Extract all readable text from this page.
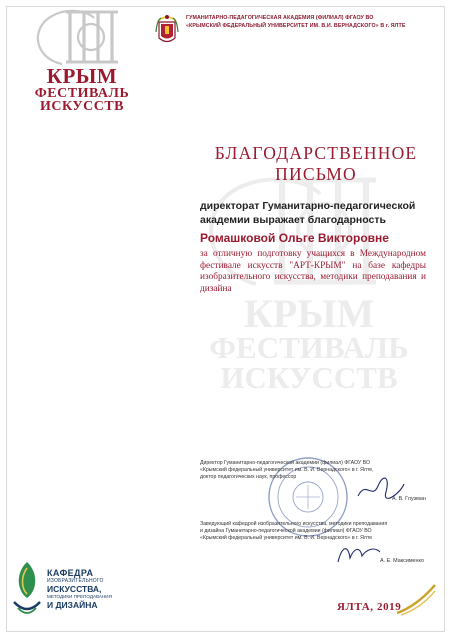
КРЫМ
ФЕСТИВАЛЬ
ИСКУССТВ
ГУМАНИТАРНО-ПЕДАГОГИЧЕСКАЯ АКАДЕМИЯ (ФИЛИАЛ) ФГАОУ ВО
«КРЫМСКИЙ ФЕДЕРАЛЬНЫЙ УНИВЕРСИТЕТ ИМ. В.И. ВЕРНАДСКОГО» В г. ЯЛТЕ
КРЫМ
ФЕСТИВАЛЬ
ИСКУССТВ
БЛАГОДАРСТВЕННОЕ
ПИСЬМО
директорат Гуманитарно-педагогической академии выражает благодарность
Ромашковой Ольге Викторовне
за отличную подготовку учащихся в Международном фестивале искусств "АРТ-КРЫМ" на базе кафедры изобразительного искусства, методики преподавания и дизайна
Директор Гуманитарно-педагогической академии (филиал) ФГАОУ ВО «Крымский федеральный университет им. В. И. Вернадского» в г. Ялте, доктор педагогических наук, профессор
А. В. Глузман
Заведующий кафедрой изобразительного искусства, методики преподавания и дизайна Гуманитарно-педагогической академии (филиал) ФГАОУ ВО «Крымский федеральный университет им. В. И. Вернадского» в г. Ялте
А. Е. Максименко
КАФЕДРА
ИЗОБРАЗИТЕЛЬНОГО
ИСКУССТВА,
МЕТОДИКИ ПРЕПОДАВАНИЯ
И ДИЗАЙНА	ЯЛТА, 2019
